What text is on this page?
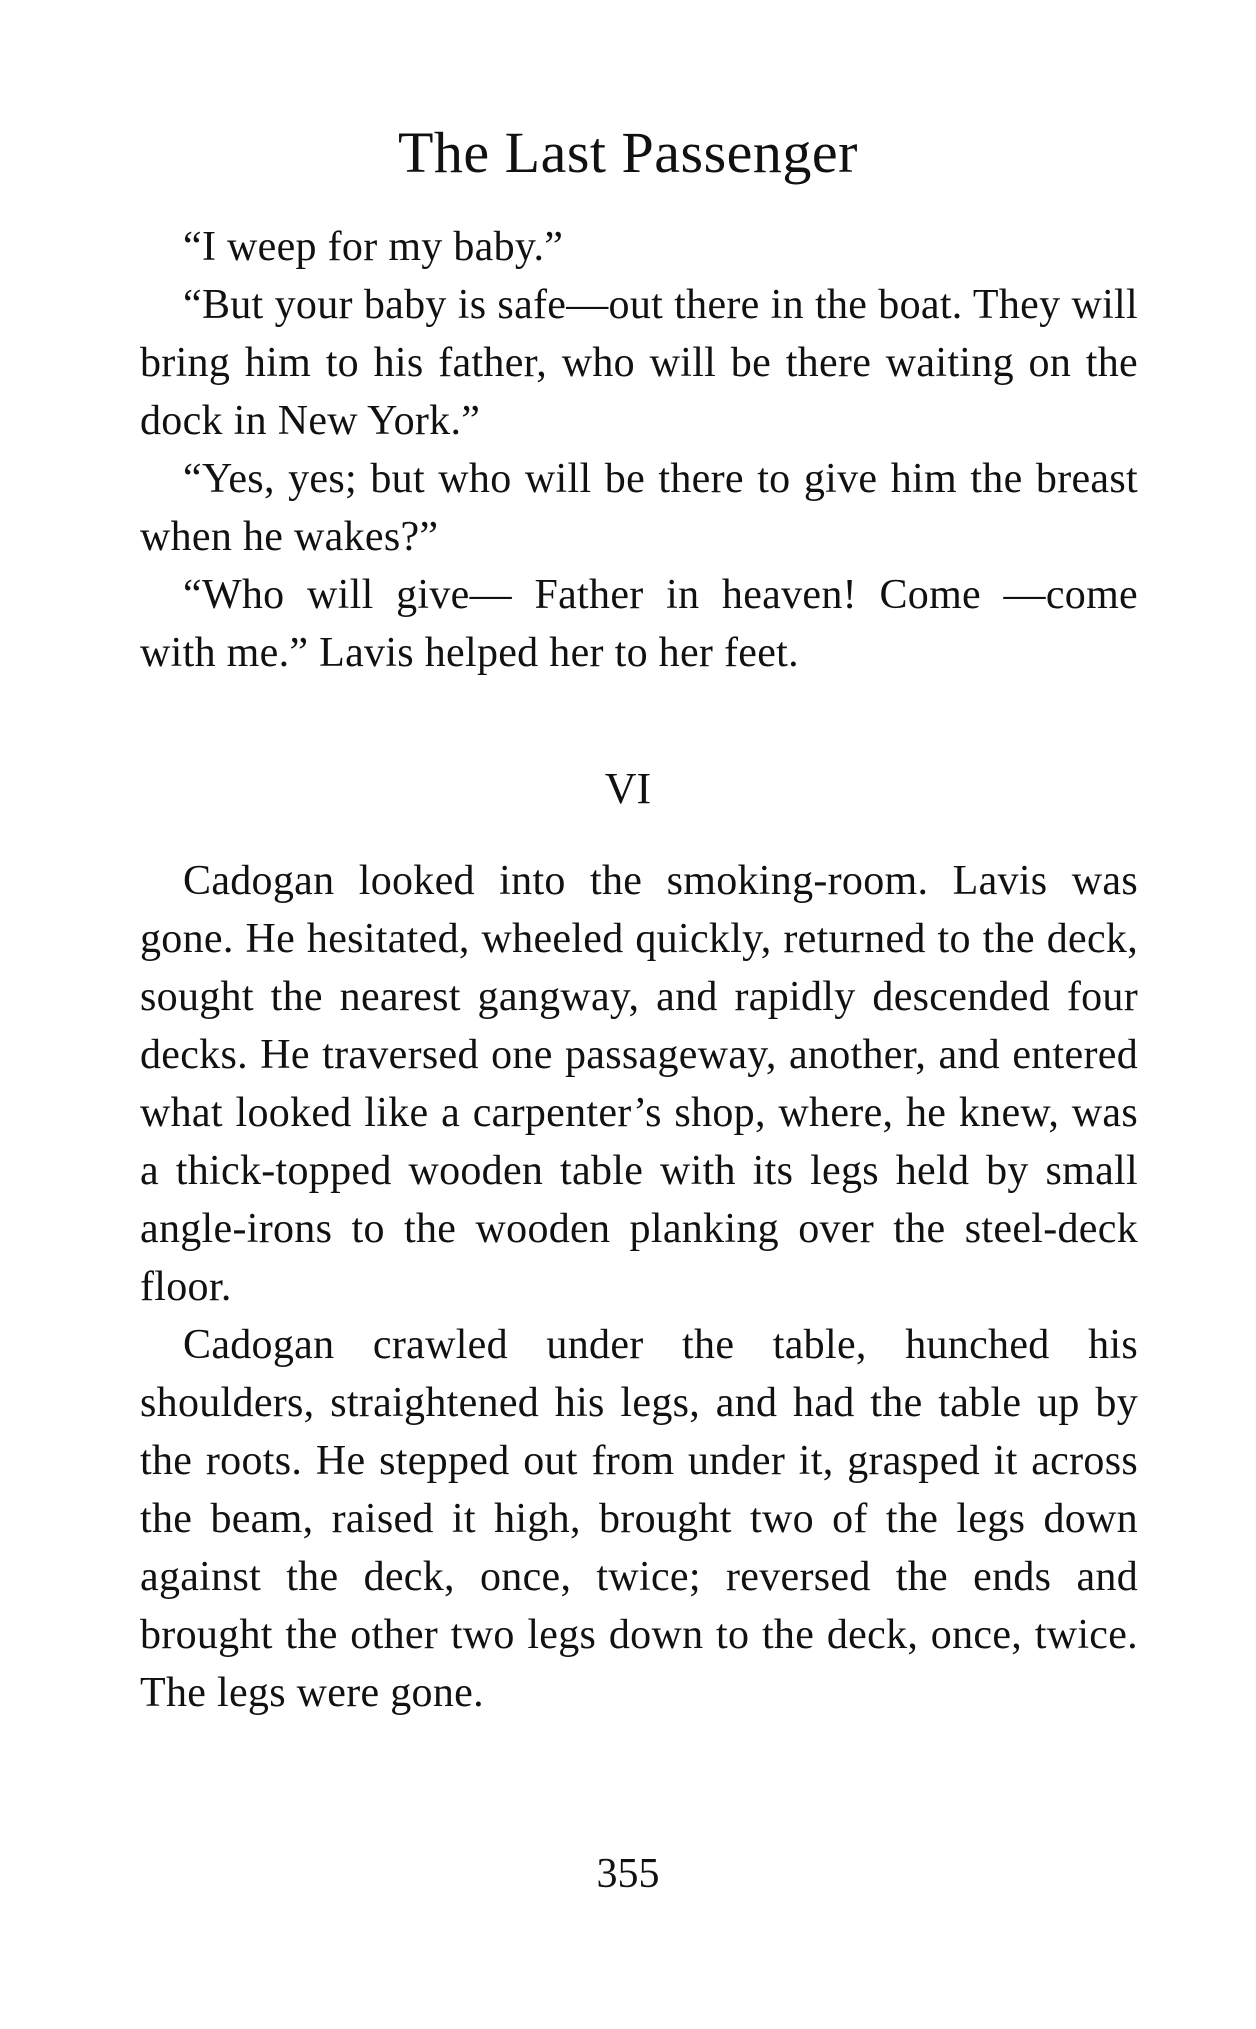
The Last Passenger

“I weep for my baby.”

“But your baby is safe—out there in the boat. They will bring him to his father, who will be there waiting on the dock in New York.”

“Yes, yes; but who will be there to give him the breast when he wakes?”

“Who will give— Father in heaven! Come —come with me.” Lavis helped her to her feet.

VI

Cadogan looked into the smoking-room. Lavis was gone. He hesitated, wheeled quickly, returned to the deck, sought the nearest gangway, and rapidly descended four decks. He traversed one passageway, another, and entered what looked like a carpenter’s shop, where, he knew, was a thick-topped wooden table with its legs held by small angle-irons to the wooden planking over the steel-deck floor.

Cadogan crawled under the table, hunched his shoulders, straightened his legs, and had the table up by the roots. He stepped out from under it, grasped it across the beam, raised it high, brought two of the legs down against the deck, once, twice; reversed the ends and brought the other two legs down to the deck, once, twice. The legs were gone.

355
